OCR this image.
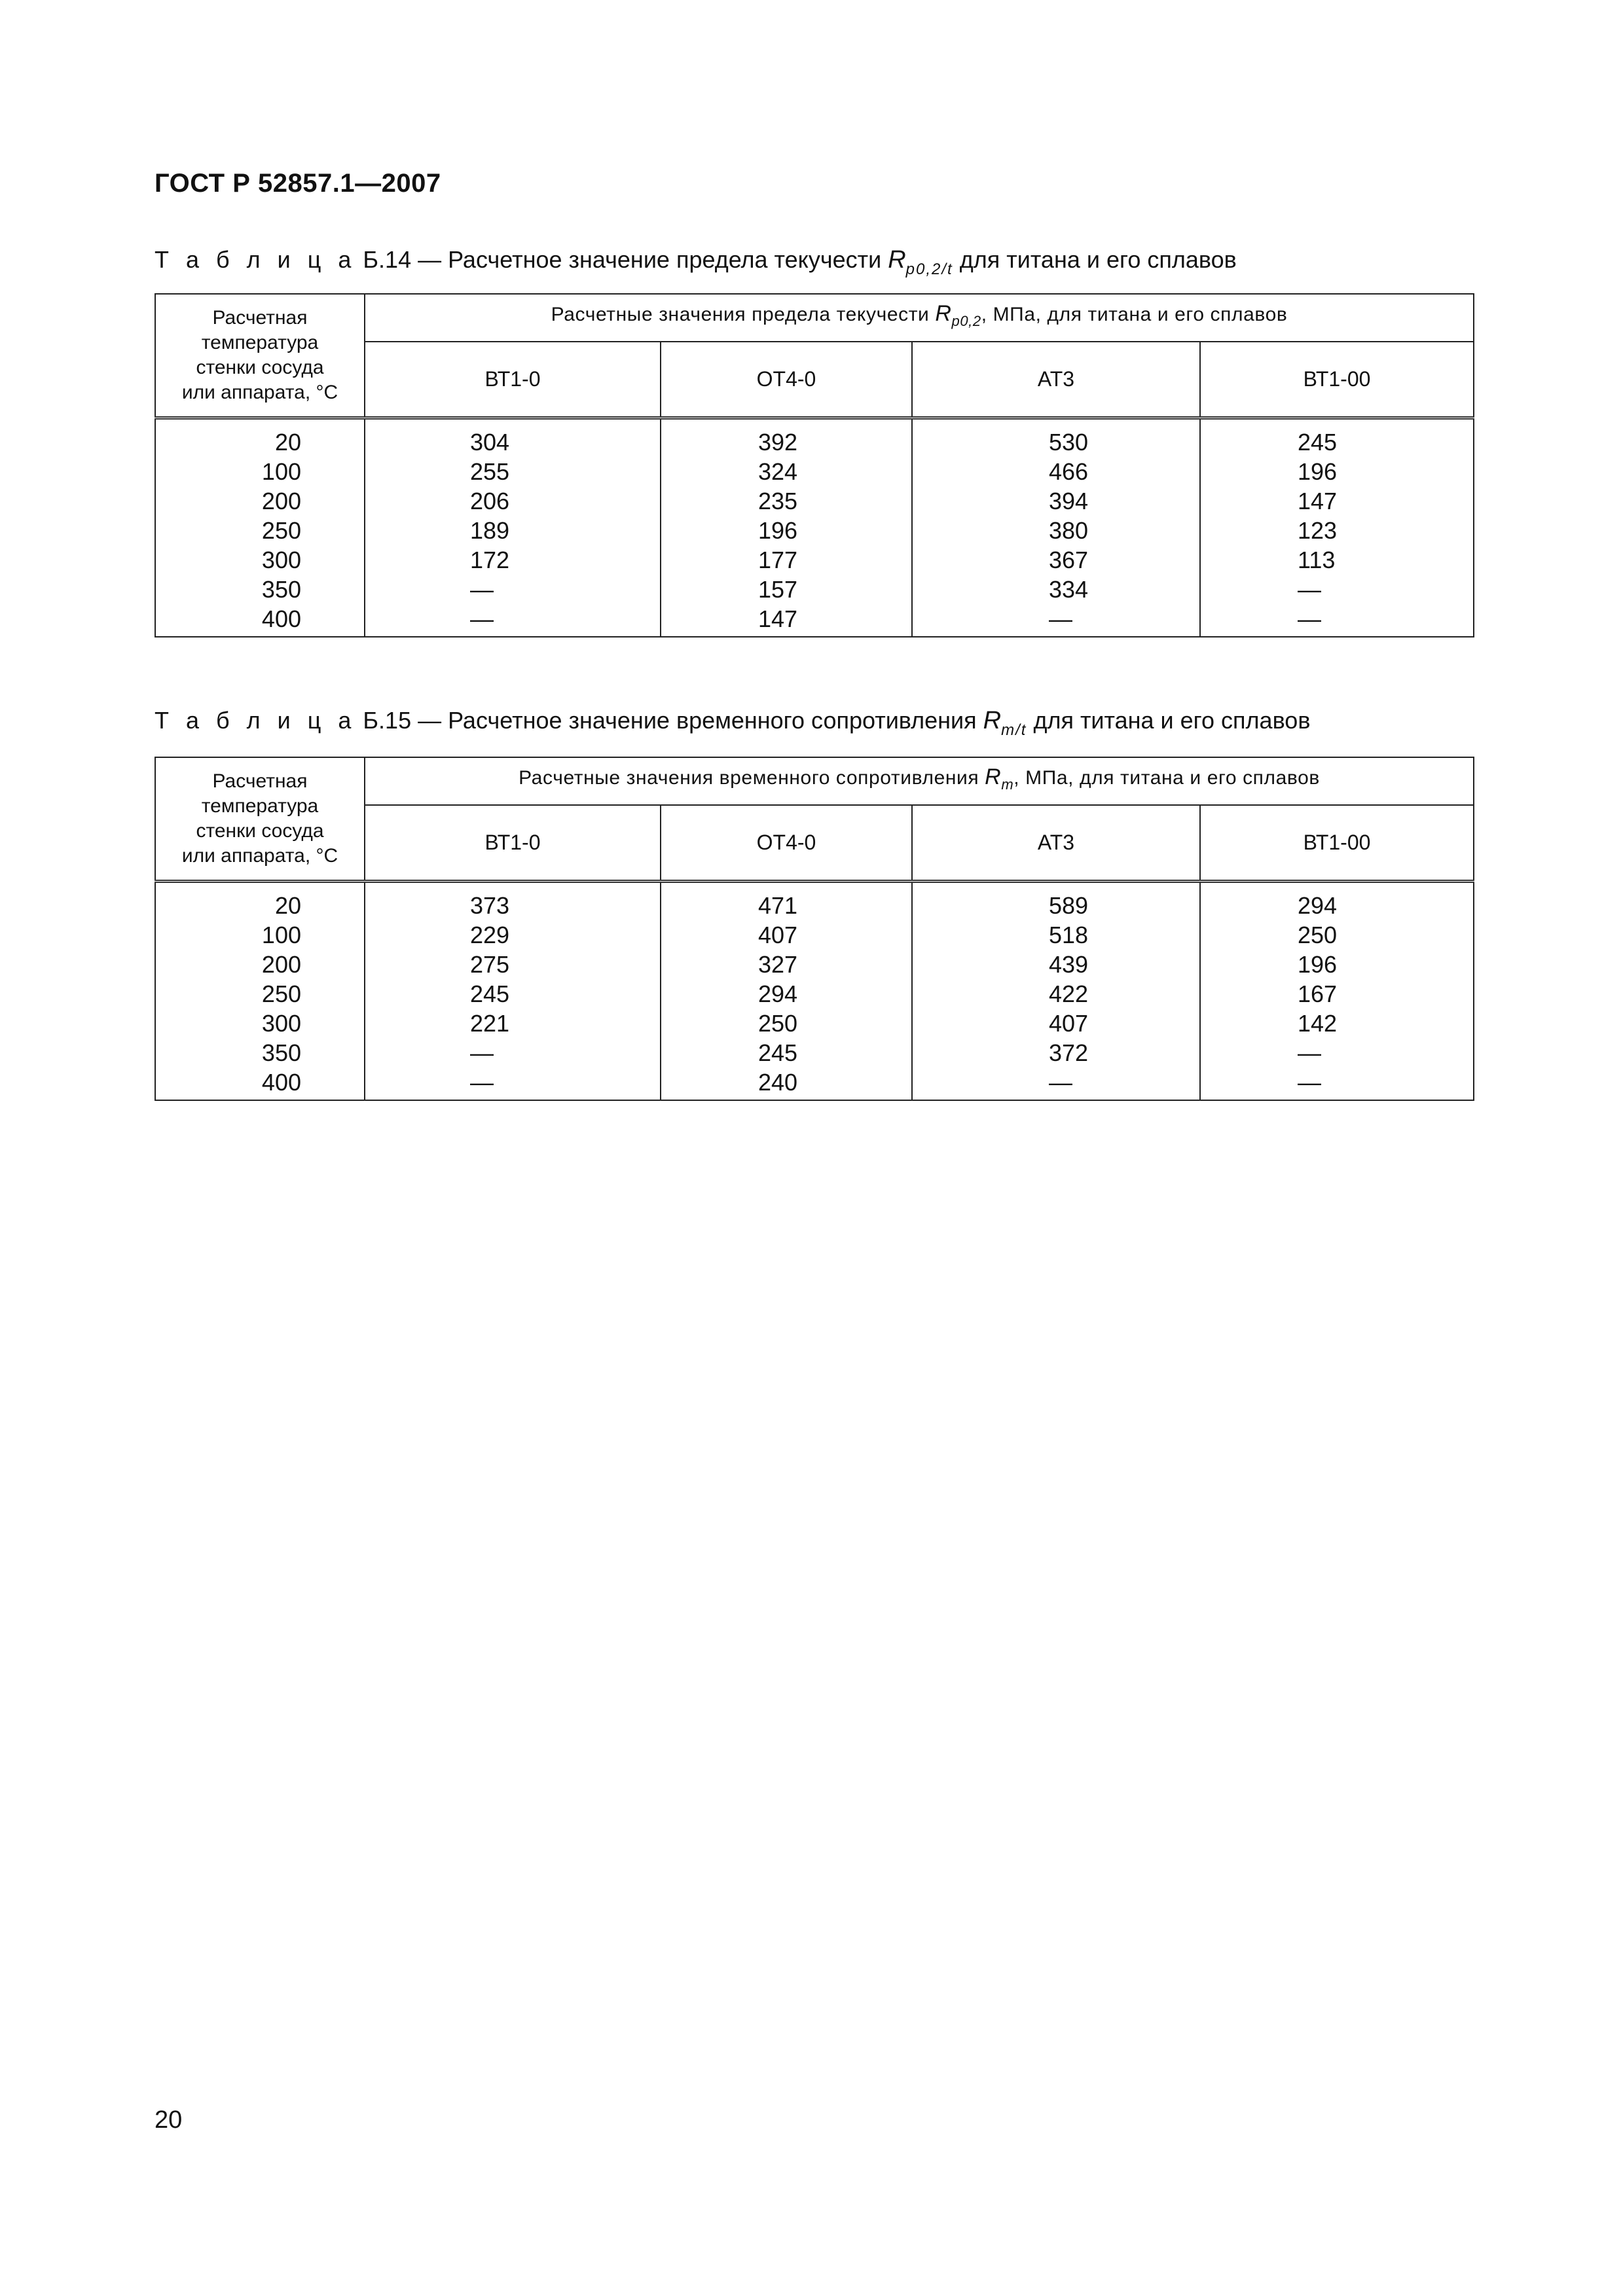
ГОСТ Р 52857.1—2007
Т а б л и ц а Б.14 — Расчетное значение предела текучести $R_{p0,2/t}$ для титана и его сплавов
Расчетная
температура
стенки сосуда
или аппарата, °С	Расчетные значения предела текучести $R_{p0,2}$, МПа, для титана и его сплавов			
	ВТ1-0	ОТ4-0	АТ3	ВТ1-00

20	304	392	530	245
100	255	324	466	196
200	206	235	394	147
250	189	196	380	123
300	172	177	367	113
350	—	157	334	—
400	—	147	—	—
Т а б л и ц а Б.15 — Расчетное значение временного сопротивления $R_{m/t}$ для титана и его сплавов
Расчетная
температура
стенки сосуда
или аппарата, °С	Расчетные значения временного сопротивления $R_m$, МПа, для титана и его сплавов			
	ВТ1-0	ОТ4-0	АТ3	ВТ1-00

20	373	471	589	294
100	229	407	518	250
200	275	327	439	196
250	245	294	422	167
300	221	250	407	142
350	—	245	372	—
400	—	240	—	—
20
